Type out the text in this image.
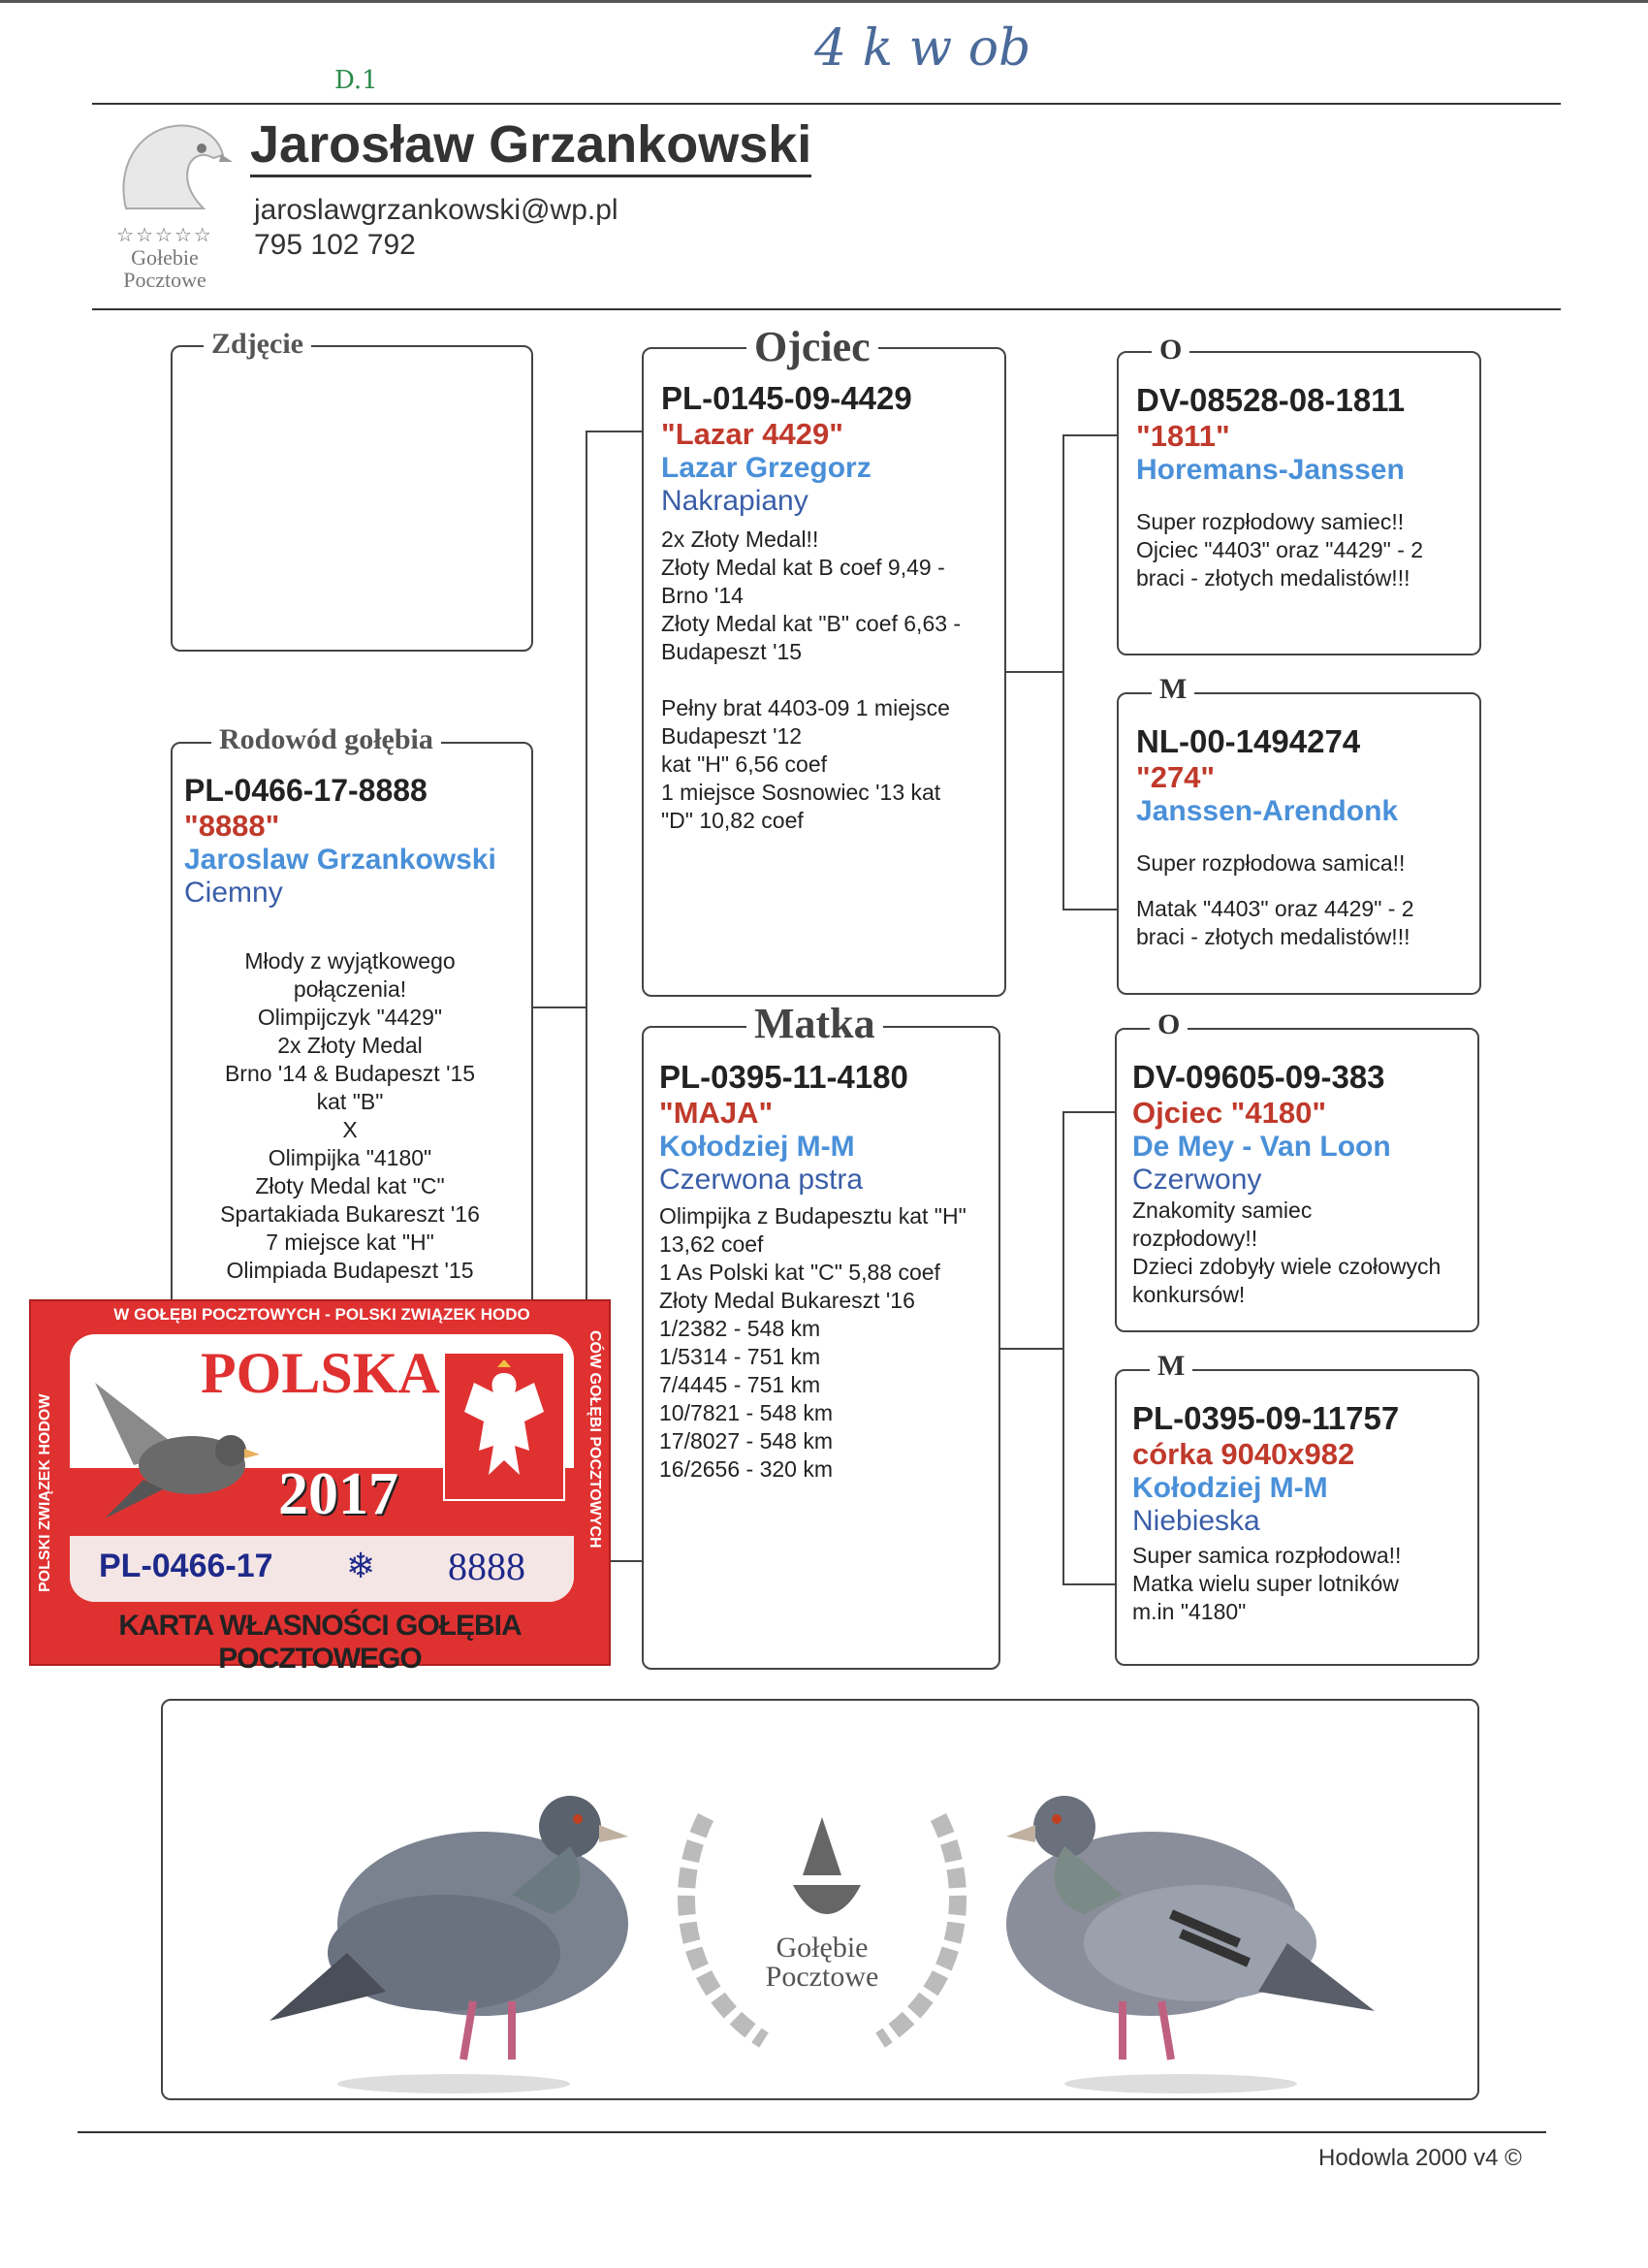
4 k w ob
D.1
☆☆☆☆☆
Gołebie
Pocztowe
Jarosław Grzankowski
jaroslawgrzankowski@wp.pl
795 102 792
Zdjęcie
PL-0466-17-8888
"8888"
Jaroslaw Grzankowski
Ciemny

Młody z wyjątkowego
połączenia!
Olimpijczyk "4429"
2x Złoty Medal
Brno '14 & Budapeszt '15
kat "B"
X
Olimpijka "4180"
Złoty Medal kat "C"
Spartakiada Bukareszt '16
7 miejsce kat "H"
Olimpiada Budapeszt '15

Rodowód gołębia
PL-0145-09-4429
"Lazar 4429"
Lazar Grzegorz
Nakrapiany
2x Złoty Medal!!
Złoty Medal kat B coef 9,49 -
Brno '14
Złoty Medal kat "B" coef 6,63 -
Budapeszt '15

Pełny brat 4403-09 1 miejsce
Budapeszt '12
kat "H" 6,56 coef
1 miejsce Sosnowiec '13 kat
"D" 10,82 coef
Ojciec
PL-0395-11-4180
"MAJA"
Kołodziej M-M
Czerwona pstra
Olimpijka z Budapesztu kat "H"
13,62 coef
1 As Polski kat "C" 5,88 coef
Złoty Medal Bukareszt '16
1/2382 - 548 km
1/5314 - 751 km
7/4445 - 751 km
10/7821 - 548 km
17/8027 - 548 km
16/2656 - 320 km
Matka
DV-08528-08-1811
"1811"
Horemans-Janssen
Super rozpłodowy samiec!!
Ojciec "4403" oraz "4429" - 2
braci - złotych medalistów!!!
O
NL-00-1494274
"274"
Janssen-Arendonk
Super rozpłodowa samica!!
Matak "4403" oraz 4429" - 2
braci - złotych medalistów!!!
M
DV-09605-09-383
Ojciec "4180"
De Mey - Van Loon
Czerwony
Znakomity samiec
rozpłodowy!!
Dzieci zdobyły wiele czołowych
konkursów!
O
PL-0395-09-11757
córka 9040x982
Kołodziej M-M
Niebieska
Super samica rozpłodowa!!
Matka wielu super lotników
m.in "4180"
M
W GOŁĘBI POCZTOWYCH - POLSKI ZWIĄZEK HODO
POLSKI ZWIĄZEK HODOW	CÓW GOŁĘBI POCZTOWYCH
POLSKA
2017
PL-0466-17 ❄ 8888
KARTA WŁASNOŚCI GOŁĘBIA POCZTOWEGO
Gołębie
Pocztowe
Hodowla 2000 v4 ©
